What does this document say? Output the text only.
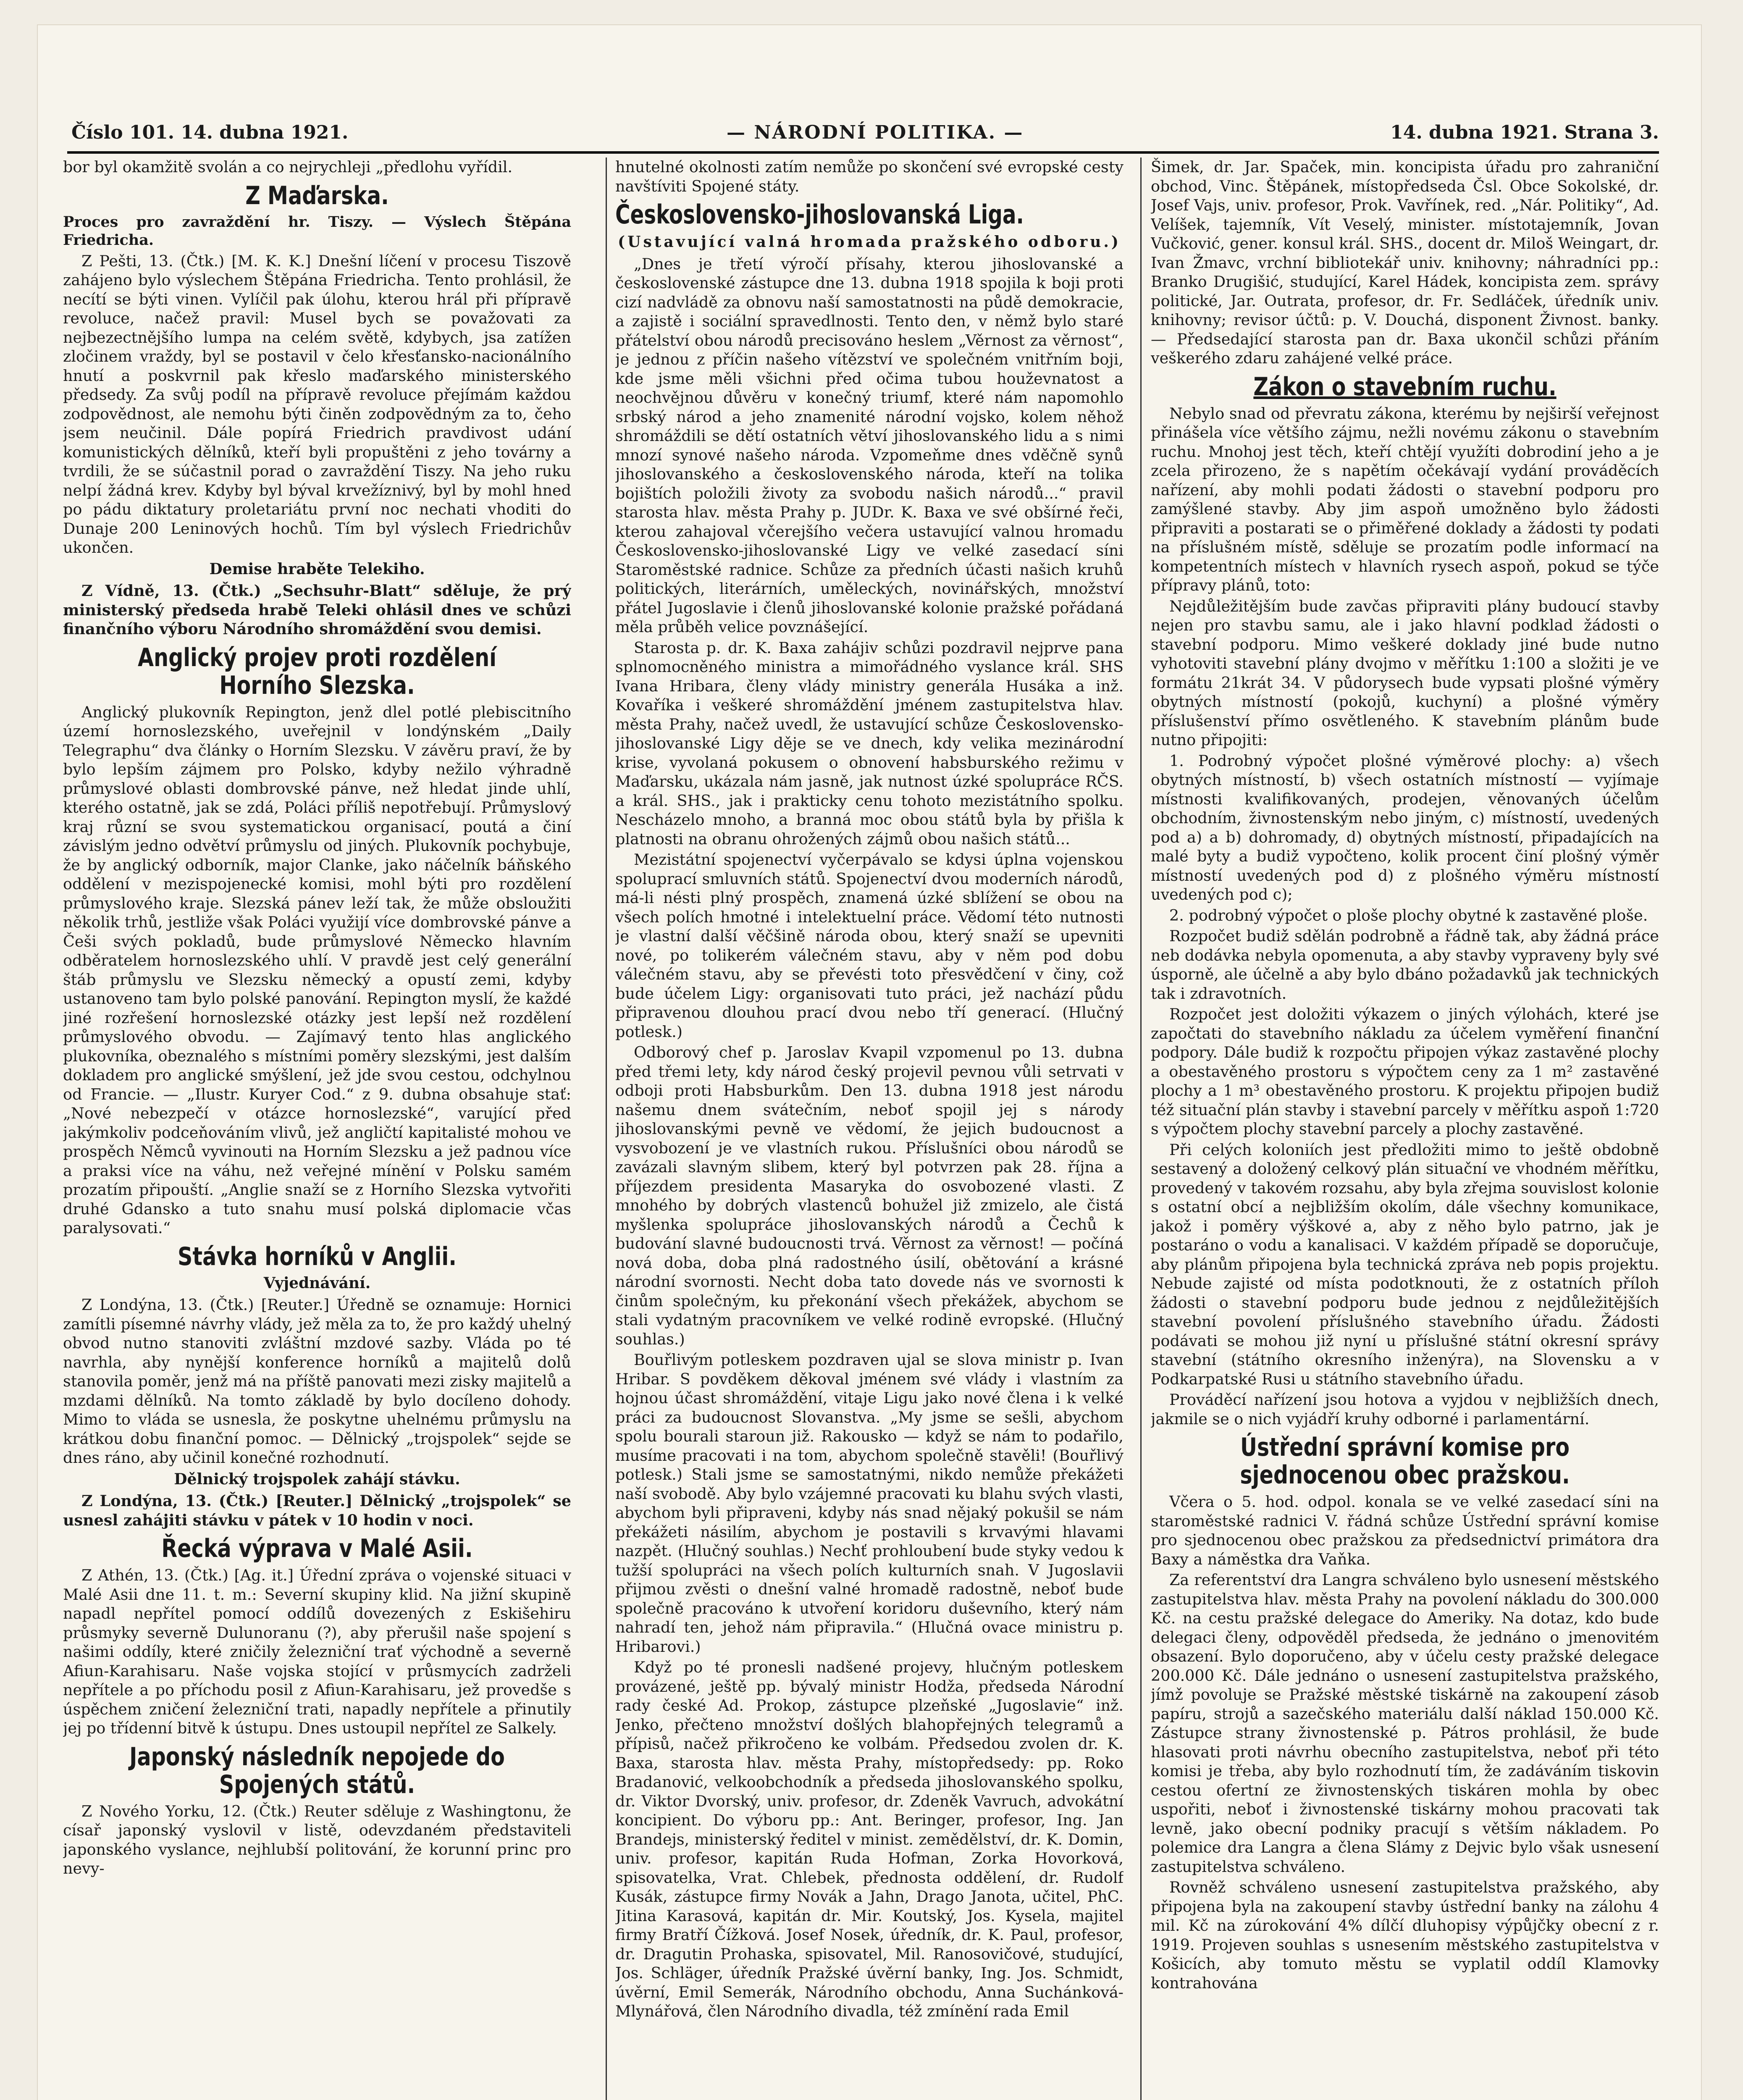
Číslo 101. 14. dubna 1921.	— NÁRODNÍ POLITIKA. —	14. dubna 1921. Strana 3.

bor byl okamžitě svolán a co nejrychleji „předlohu vyřídil.

Z Maďarska.
Proces pro zavraždění hr. Tiszy. — Výslech Štěpána Friedricha.

Z Pešti, 13. (Čtk.) [M. K. K.] Dnešní líčení v procesu Tiszově zahájeno bylo výslechem Štěpána Friedricha. Tento prohlásil, že necítí se býti vinen. Vylíčil pak úlohu, kterou hrál při přípravě revoluce, načež pravil: Musel bych se považovati za nejbezectnějšího lumpa na celém světě, kdybych, jsa zatížen zločinem vraždy, byl se postavil v čelo křesťansko-nacionálního hnutí a poskvrnil pak křeslo maďarského ministerského předsedy. Za svůj podíl na přípravě revoluce přejímám každou zodpovědnost, ale nemohu býti činěn zodpovědným za to, čeho jsem neučinil. Dále popírá Friedrich pravdivost udání komunistických dělníků, kteří byli propuštěni z jeho továrny a tvrdili, že se súčastnil porad o zavraždění Tiszy. Na jeho ruku nelpí žádná krev. Kdyby byl býval krvežíznivý, byl by mohl hned po pádu diktatury proletariátu první noc nechati vhoditi do Dunaje 200 Leninových hochů. Tím byl výslech Friedrichův ukončen.

Demise hraběte Telekiho.

Z Vídně, 13. (Čtk.) „Sechsuhr-Blatt“ sděluje, že prý ministerský předseda hrabě Teleki ohlásil dnes ve schůzi finančního výboru Národního shromáždění svou demisi.

Anglický projev proti rozdělení Horního Slezska.

Anglický plukovník Repington, jenž dlel potlé plebiscitního území hornoslezského, uveřejnil v londýnském „Daily Telegraphu“ dva články o Horním Slezsku. V závěru praví, že by bylo lepším zájmem pro Polsko, kdyby nežilo výhradně průmyslové oblasti dombrovské pánve, než hledat jinde uhlí, kterého ostatně, jak se zdá, Poláci příliš nepotřebují. Průmyslový kraj různí se svou systematickou organisací, poutá a činí závislým jedno odvětví průmyslu od jiných. Plukovník pochybuje, že by anglický odborník, major Clanke, jako náčelník báňského oddělení v mezispojenecké komisi, mohl býti pro rozdělení průmyslového kraje. Slezská pánev leží tak, že může obsloužiti několik trhů, jestliže však Poláci využijí více dombrovské pánve a Češi svých pokladů, bude průmyslové Německo hlavním odběratelem hornoslezského uhlí. V pravdě jest celý generální štáb průmyslu ve Slezsku německý a opustí zemi, kdyby ustanoveno tam bylo polské panování. Repington myslí, že každé jiné rozřešení hornoslezské otázky jest lepší než rozdělení průmyslového obvodu. — Zajímavý tento hlas anglického plukovníka, obeznalého s místními poměry slezskými, jest dalším dokladem pro anglické smýšlení, jež jde svou cestou, odchylnou od Francie. — „Ilustr. Kuryer Cod.“ z 9. dubna obsahuje stať: „Nové nebezpečí v otázce hornoslezské“, varující před jakýmkoliv podceňováním vlivů, jež angličtí kapitalisté mohou ve prospěch Němců vyvinouti na Horním Slezsku a jež padnou více a praksi více na váhu, než veřejné mínění v Polsku samém prozatím připouští. „Anglie snaží se z Horního Slezska vytvořiti druhé Gdansko a tuto snahu musí polská diplomacie včas paralysovati.“

Stávka horníků v Anglii.
Vyjednávání.

Z Londýna, 13. (Čtk.) [Reuter.] Úředně se oznamuje: Hornici zamítli písemné návrhy vlády, jež měla za to, že pro každý uhelný obvod nutno stanoviti zvláštní mzdové sazby. Vláda po té navrhla, aby nynější konference horníků a majitelů dolů stanovila poměr, jenž má na příště panovati mezi zisky majitelů a mzdami dělníků. Na tomto základě by bylo docíleno dohody. Mimo to vláda se usnesla, že poskytne uhelnému průmyslu na krátkou dobu finanční pomoc. — Dělnický „trojspolek“ sejde se dnes ráno, aby učinil konečné rozhodnutí.

Dělnický trojspolek zahájí stávku.

Z Londýna, 13. (Čtk.) [Reuter.] Dělnický „trojspolek“ se usnesl zahájiti stávku v pátek v 10 hodin v noci.

Řecká výprava v Malé Asii.

Z Athén, 13. (Čtk.) [Ag. it.] Úřední zpráva o vojenské situaci v Malé Asii dne 11. t. m.: Severní skupiny klid. Na jižní skupině napadl nepřítel pomocí oddílů dovezených z Eskišehiru průsmyky severně Dulunoranu (?), aby přerušil naše spojení s našimi oddíly, které zničily železniční trať východně a severně Afiun-Karahisaru. Naše vojska stojící v průsmycích zadrželi nepřítele a po příchodu posil z Afiun-Karahisaru, jež provedše s úspěchem zničení železniční trati, napadly nepřítele a přinutily jej po třídenní bitvě k ústupu. Dnes ustoupil nepřítel ze Salkely.

Japonský následník nepojede do Spojených států.

Z Nového Yorku, 12. (Čtk.) Reuter sděluje z Washingtonu, že císař japonský vyslovil v listě, odevzdaném představiteli japonského vyslance, nejhlubší politování, že korunní princ pro nevy-

hnutelné okolnosti zatím nemůže po skončení své evropské cesty navštíviti Spojené státy.

Československo-jihoslovanská Liga.
(Ustavující valná hromada pražského odboru.)

„Dnes je třetí výročí přísahy, kterou jihoslovanské a československé zástupce dne 13. dubna 1918 spojila k boji proti cizí nadvládě za obnovu naší samostatnosti na půdě demokracie, a zajistě i sociální spravedlnosti. Tento den, v němž bylo staré přátelství obou národů precisováno heslem „Věrnost za věrnost“, je jednou z příčin našeho vítězství ve společném vnitřním boji, kde jsme měli všichni před očima tubou houževnatost a neochvějnou důvěru v konečný triumf, které nám napomohlo srbský národ a jeho znamenité národní vojsko, kolem něhož shromáždili se dětí ostatních větví jihoslovanského lidu a s nimi mnozí synové našeho národa. Vzpomeňme dnes vděčně synů jihoslovanského a československého národa, kteří na tolika bojištích položili životy za svobodu našich národů...“ pravil starosta hlav. města Prahy p. JUDr. K. Baxa ve své obšírné řeči, kterou zahajoval včerejšího večera ustavující valnou hromadu Československo-jihoslovanské Ligy ve velké zasedací síni Staroměstské radnice. Schůze za předních účasti našich kruhů politických, literárních, uměleckých, novinářských, množství přátel Jugoslavie i členů jihoslovanské kolonie pražské pořádaná měla průběh velice povznášející.

Starosta p. dr. K. Baxa zahájiv schůzi pozdravil nejprve pana splnomocněného ministra a mimořádného vyslance král. SHS Ivana Hribara, členy vlády ministry generála Husáka a inž. Kovaříka i veškeré shromáždění jménem zastupitelstva hlav. města Prahy, načež uvedl, že ustavující schůze Československo-jihoslovanské Ligy děje se ve dnech, kdy velika mezinárodní krise, vyvolaná pokusem o obnovení habsburského režimu v Maďarsku, ukázala nám jasně, jak nutnost úzké spolupráce RČS. a král. SHS., jak i prakticky cenu tohoto mezistátního spolku. Nescházelo mnoho, a branná moc obou států byla by přišla k platnosti na obranu ohrožených zájmů obou našich států...

Mezistátní spojenectví vyčerpávalo se kdysi úplna vojenskou spoluprací smluvních států. Spojenectví dvou moderních národů, má-li nésti plný prospěch, znamená úzké sblížení se obou na všech polích hmotné i intelektuelní práce. Vědomí této nutnosti je vlastní další věčšině národa obou, který snaží se upevniti nové, po tolikerém válečném stavu, aby v něm pod dobu válečném stavu, aby se převésti toto přesvědčení v činy, což bude účelem Ligy: organisovati tuto práci, jež nachází půdu připravenou dlouhou prací dvou nebo tří generací. (Hlučný potlesk.)

Odborový chef p. Jaroslav Kvapil vzpomenul po 13. dubna před třemi lety, kdy národ český projevil pevnou vůli setrvati v odboji proti Habsburkům. Den 13. dubna 1918 jest národu našemu dnem svátečním, neboť spojil jej s národy jihoslovanskými pevně ve vědomí, že jejich budoucnost a vysvobození je ve vlastních rukou. Příslušníci obou národů se zavázali slavným slibem, který byl potvrzen pak 28. října a příjezdem presidenta Masaryka do osvobozené vlasti. Z mnohého by dobrých vlastenců bohužel již zmizelo, ale čistá myšlenka spolupráce jihoslovanských národů a Čechů k budování slavné budoucnosti trvá. Věrnost za věrnost! — počíná nová doba, doba plná radostného úsilí, obětování a krásné národní svornosti. Necht doba tato dovede nás ve svornosti k činům společným, ku překonání všech překážek, abychom se stali vydatným pracovníkem ve velké rodině evropské. (Hlučný souhlas.)

Bouřlivým potleskem pozdraven ujal se slova ministr p. Ivan Hribar. S povděkem děkoval jménem své vlády i vlastním za hojnou účast shromáždění, vitaje Ligu jako nové člena i k velké práci za budoucnost Slovanstva. „My jsme se sešli, abychom spolu bourali staroun již. Rakousko — když se nám to podařilo, musíme pracovati i na tom, abychom společně stavěli! (Bouřlivý potlesk.) Stali jsme se samostatnými, nikdo nemůže překážeti naší svobodě. Aby bylo vzájemné pracovati ku blahu svých vlasti, abychom byli připraveni, kdyby nás snad nějaký pokušil se nám překážeti násilím, abychom je postavili s krvavými hlavami nazpět. (Hlučný souhlas.) Nechť prohloubení bude styky vedou k tužší spolupráci na všech polích kulturních snah. V Jugoslavii přijmou zvěsti o dnešní valné hromadě radostně, neboť bude společně pracováno k utvoření koridoru duševního, který nám nahradí ten, jehož nám připravila.“ (Hlučná ovace ministru p. Hribarovi.)

Když po té pronesli nadšené projevy, hlučným potleskem provázené, ještě pp. bývalý ministr Hodža, předseda Národní rady české Ad. Prokop, zástupce plzeňské „Jugoslavie“ inž. Jenko, přečteno množství došlých blahopřejných telegramů a přípisů, načež přikročeno ke volbám. Předsedou zvolen dr. K. Baxa, starosta hlav. města Prahy, místopředsedy: pp. Roko Bradanović, velkoobchodník a předseda jihoslovanského spolku, dr. Viktor Dvorský, univ. profesor, dr. Zdeněk Vavruch, advokátní koncipient. Do výboru pp.: Ant. Beringer, profesor, Ing. Jan Brandejs, ministerský ředitel v minist. zemědělství, dr. K. Domin, univ. profesor, kapitán Ruda Hofman, Zorka Hovorková, spisovatelka, Vrat. Chlebek, přednosta oddělení, dr. Rudolf Kusák, zástupce firmy Novák a Jahn, Drago Janota, učitel, PhC. Jitina Karasová, kapitán dr. Mir. Koutský, Jos. Kysela, majitel firmy Bratří Čížková. Josef Nosek, úředník, dr. K. Paul, profesor, dr. Dragutin Prohaska, spisovatel, Mil. Ranosovičové, studující, Jos. Schläger, úředník Pražské úvěrní banky, Ing. Jos. Schmidt, úvěrní, Emil Semerák, Národního obchodu, Anna Suchánková-Mlynářová, člen Národního divadla, též zmínění rada Emil

Šimek, dr. Jar. Spaček, min. koncipista úřadu pro zahraniční obchod, Vinc. Štěpánek, místopředseda Čsl. Obce Sokolské, dr. Josef Vajs, univ. profesor, Prok. Vavřínek, red. „Nár. Politiky“, Ad. Velíšek, tajemník, Vít Veselý, minister. místotajemník, Jovan Vučković, gener. konsul král. SHS., docent dr. Miloš Weingart, dr. Ivan Žmavc, vrchní bibliotekář univ. knihovny; náhradníci pp.: Branko Drugišić, studující, Karel Hádek, koncipista zem. správy politické, Jar. Outrata, profesor, dr. Fr. Sedláček, úředník univ. knihovny; revisor účtů: p. V. Douchá, disponent Živnost. banky. — Předsedající starosta pan dr. Baxa ukončil schůzi přáním veškerého zdaru zahájené velké práce.

Zákon o stavebním ruchu.

Nebylo snad od převratu zákona, kterému by nejširší veřejnost přinášela více většího zájmu, nežli novému zákonu o stavebním ruchu. Mnohoj jest těch, kteří chtějí využíti dobrodiní jeho a je zcela přirozeno, že s napětím očekávají vydání prováděcích nařízení, aby mohli podati žádosti o stavební podporu pro zamýšlené stavby. Aby jim aspoň umožněno bylo žádosti připraviti a postarati se o přiměřené doklady a žádosti ty podati na příslušném místě, sděluje se prozatím podle informací na kompetentních místech v hlavních rysech aspoň, pokud se týče přípravy plánů, toto:

Nejdůležitějším bude zavčas připraviti plány budoucí stavby nejen pro stavbu samu, ale i jako hlavní podklad žádosti o stavební podporu. Mimo veškeré doklady jiné bude nutno vyhotoviti stavební plány dvojmo v měřítku 1:100 a složiti je ve formátu 21krát 34. V půdorysech bude vypsati plošné výměry obytných místností (pokojů, kuchyní) a plošné výměry příslušenství přímo osvětleného. K stavebním plánům bude nutno připojiti:

1. Podrobný výpočet plošné výměrové plochy: a) všech obytných místností, b) všech ostatních místností — vyjímaje místnosti kvalifikovaných, prodejen, věnovaných účelům obchodním, živnostenským nebo jiným, c) místností, uvedených pod a) a b) dohromady, d) obytných místností, připadajících na malé byty a budiž vypočteno, kolik procent činí plošný výměr místností uvedených pod d) z plošného výměru místností uvedených pod c);

2. podrobný výpočet o ploše plochy obytné k zastavěné ploše.

Rozpočet budiž sdělán podrobně a řádně tak, aby žádná práce neb dodávka nebyla opomenuta, a aby stavby vypraveny byly své úsporně, ale účelně a aby bylo dbáno požadavků jak technických tak i zdravotních.

Rozpočet jest doložiti výkazem o jiných výlohách, které jse započtati do stavebního nákladu za účelem vyměření finanční podpory. Dále budiž k rozpočtu připojen výkaz zastavěné plochy a obestavěného prostoru s výpočtem ceny za 1 m² zastavěné plochy a 1 m³ obestavěného prostoru. K projektu připojen budiž též situační plán stavby i stavební parcely v měřítku aspoň 1:720 s výpočtem plochy stavební parcely a plochy zastavěné.

Při celých koloniích jest předložiti mimo to ještě obdobně sestavený a doložený celkový plán situační ve vhodném měřítku, provedený v takovém rozsahu, aby byla zřejma souvislost kolonie s ostatní obcí a nejbližším okolím, dále všechny komunikace, jakož i poměry výškové a, aby z něho bylo patrno, jak je postaráno o vodu a kanalisaci. V každém případě se doporučuje, aby plánům připojena byla technická zpráva neb popis projektu. Nebude zajisté od místa podotknouti, že z ostatních příloh žádosti o stavební podporu bude jednou z nejdůležitějších stavební povolení příslušného stavebního úřadu. Žádosti podávati se mohou již nyní u příslušné státní okresní správy stavební (státního okresního inženýra), na Slovensku a v Podkarpatské Rusi u státního stavebního úřadu.

Prováděcí nařízení jsou hotova a vyjdou v nejbližších dnech, jakmile se o nich vyjádří kruhy odborné i parlamentární.

Ústřední správní komise pro sjednocenou obec pražskou.

Včera o 5. hod. odpol. konala se ve velké zasedací síni na staroměstské radnici V. řádná schůze Ústřední správní komise pro sjednocenou obec pražskou za předsednictví primátora dra Baxy a náměstka dra Vaňka.

Za referentství dra Langra schváleno bylo usnesení městského zastupitelstva hlav. města Prahy na povolení nákladu do 300.000 Kč. na cestu pražské delegace do Ameriky. Na dotaz, kdo bude delegaci členy, odpověděl předseda, že jednáno o jmenovitém obsazení. Bylo doporučeno, aby v účelu cesty pražské delegace 200.000 Kč. Dále jednáno o usnesení zastupitelstva pražského, jímž povoluje se Pražské městské tiskárně na zakoupení zásob papíru, strojů a sazečského materiálu další náklad 150.000 Kč. Zástupce strany živnostenské p. Pátros prohlásil, že bude hlasovati proti návrhu obecního zastupitelstva, neboť při této komisi je třeba, aby bylo rozhodnutí tím, že zadáváním tiskovin cestou ofertní ze živnostenských tiskáren mohla by obec uspořiti, neboť i živnostenské tiskárny mohou pracovati tak levně, jako obecní podniky pracují s větším nákladem. Po polemice dra Langra a člena Slámy z Dejvic bylo však usnesení zastupitelstva schváleno.

Rovněž schváleno usnesení zastupitelstva pražského, aby připojena byla na zakoupení stavby ústřední banky na zálohu 4 mil. Kč na zúrokování 4% dílčí dluhopisy výpůjčky obecní z r. 1919. Projeven souhlas s usnesením městského zastupitelstva v Košicích, aby tomuto městu se vyplatil oddíl Klamovky kontrahována
